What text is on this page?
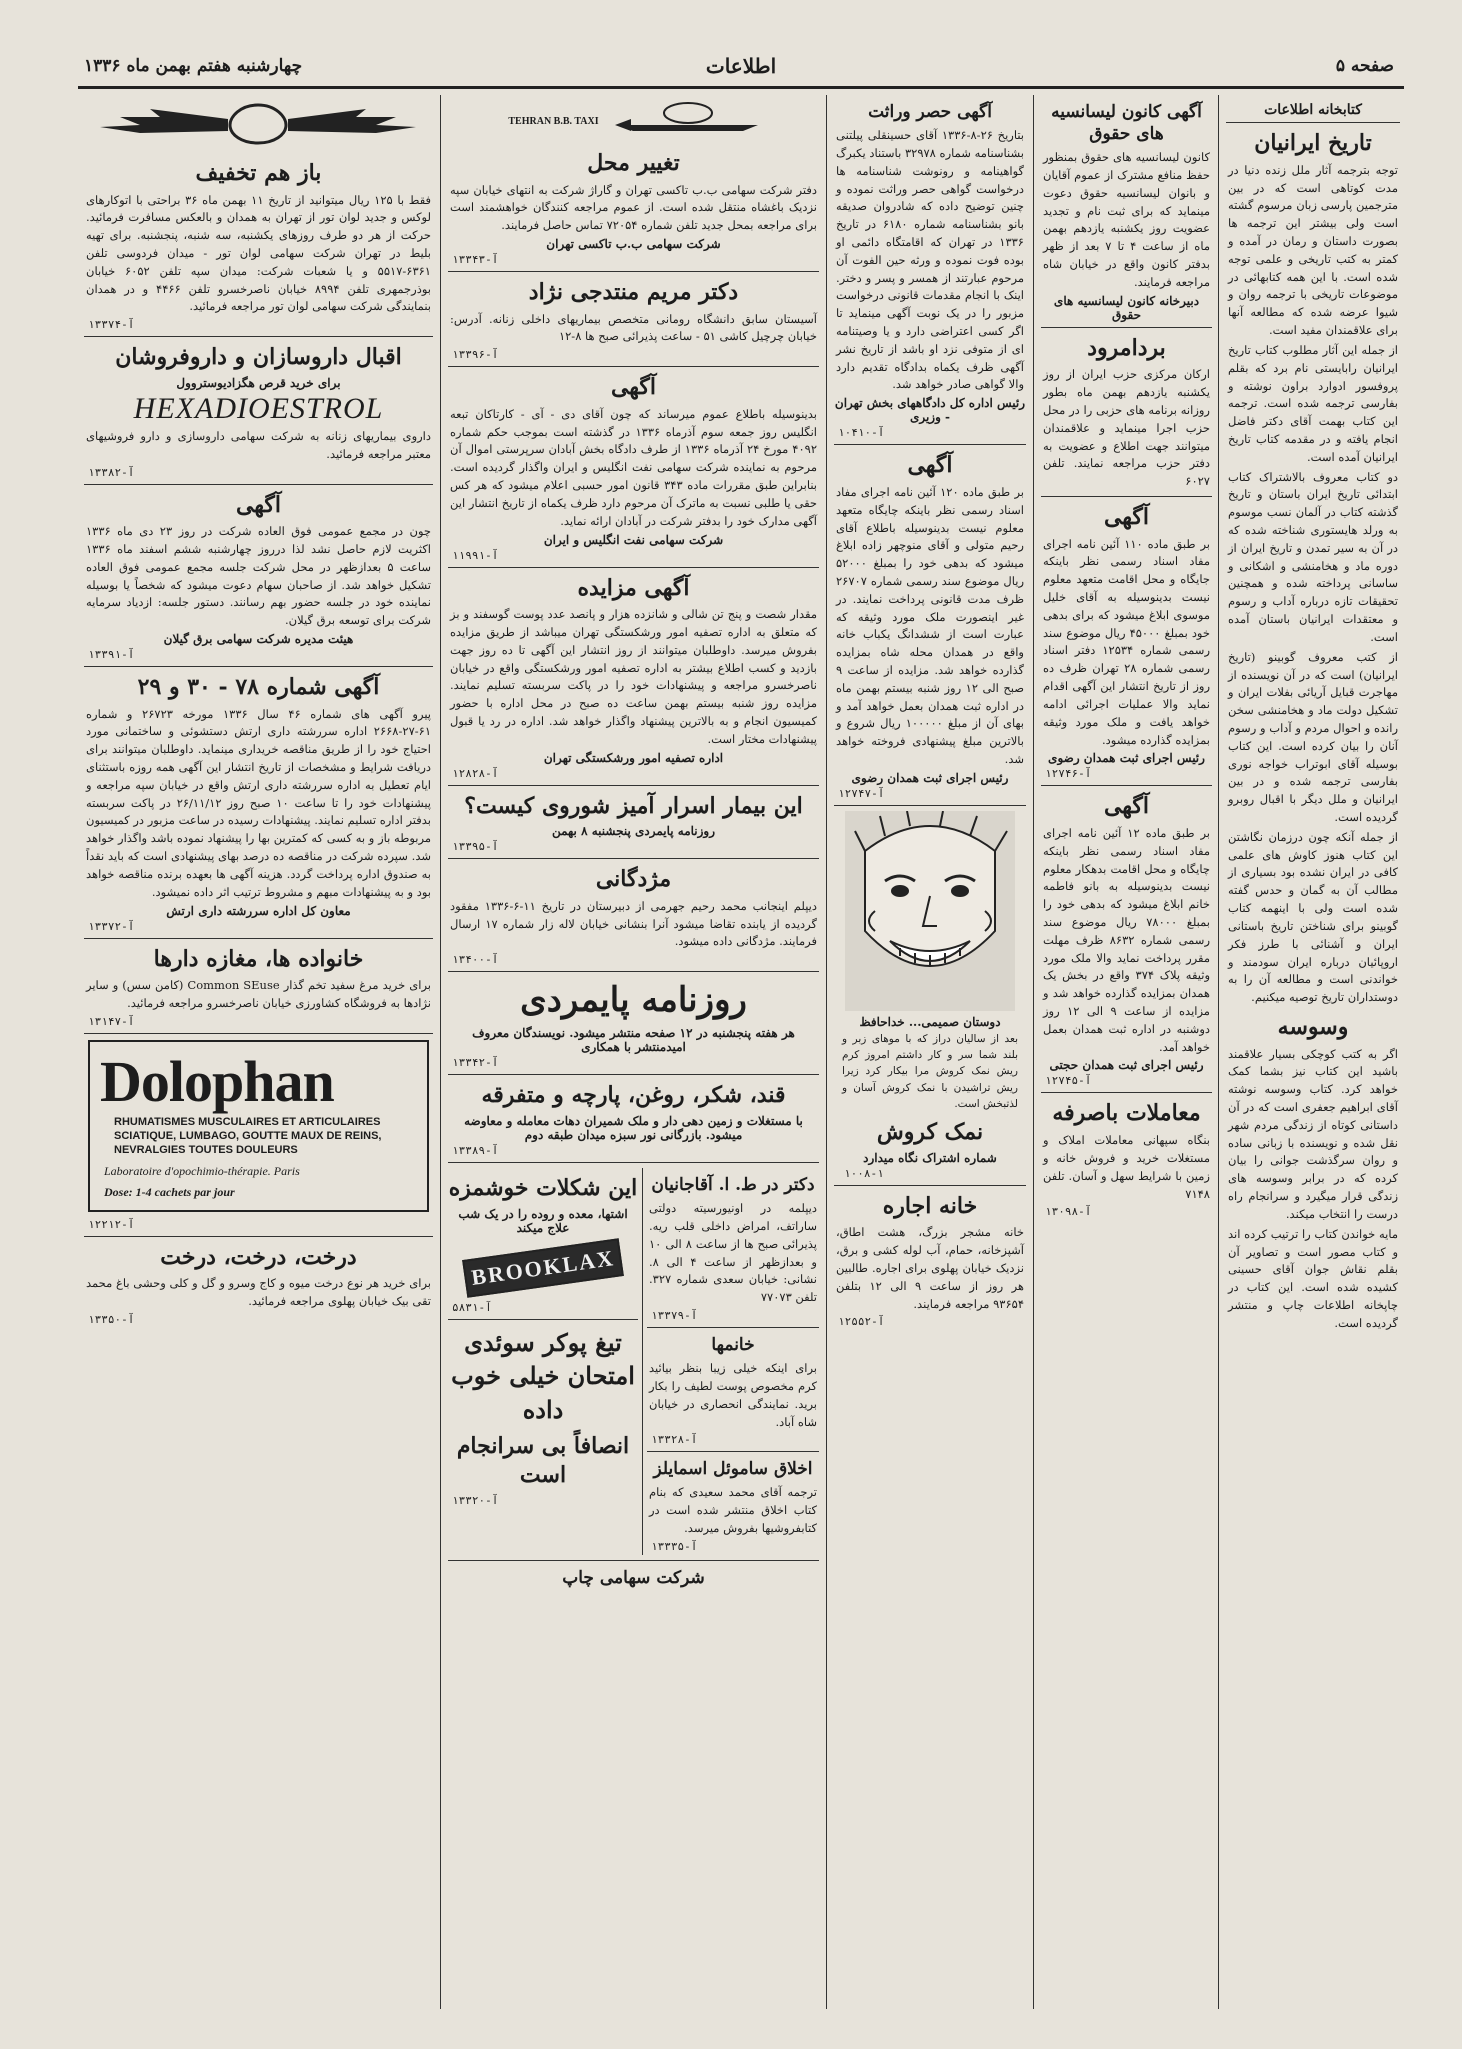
صفحه ۵
اطلاعات
چهارشنبه هفتم بهمن ماه ۱۳۳۶
کتابخانه اطلاعات
تاریخ ایرانیان
توجه بترجمه آثار ملل زنده دنیا در مدت کوتاهی است که در بین مترجمین پارسی زبان مرسوم گشته است ولی بیشتر این ترجمه ها بصورت داستان و رمان در آمده و کمتر به کتب تاریخی و علمی توجه شده است. با این همه کتابهائی در موضوعات تاریخی با ترجمه روان و شیوا عرضه شده که مطالعه آنها برای علاقمندان مفید است.
از جمله این آثار مطلوب کتاب تاریخ ایرانیان رابایستی نام برد که بقلم پروفسور ادوارد براون نوشته و بفارسی ترجمه شده است. ترجمه این کتاب بهمت آقای دکتر فاضل انجام یافته و در مقدمه کتاب تاریخ ایرانیان آمده است.
دو کتاب معروف بالاشتراک کتاب ابتدائی تاریخ ایران باستان و تاریخ گذشته کتاب در آلمان نسب موسوم به ورلد هایستوری شناخته شده که در آن به سیر تمدن و تاریخ ایران از دوره ماد و هخامنشی و اشکانی و ساسانی پرداخته شده و همچنین تحقیقات تازه درباره آداب و رسوم و معتقدات ایرانیان باستان آمده است.
از کتب معروف گوبینو (تاریخ ایرانیان) است که در آن نویسنده از مهاجرت قبایل آریائی بفلات ایران و تشکیل دولت ماد و هخامنشی سخن رانده و احوال مردم و آداب و رسوم آنان را بیان کرده است. این کتاب بوسیله آقای ابوتراب خواجه نوری بفارسی ترجمه شده و در بین ایرانیان و ملل دیگر با اقبال روبرو گردیده است.
از جمله آنکه چون درزمان نگاشتن این کتاب هنوز کاوش های علمی کافی در ایران نشده بود بسیاری از مطالب آن به گمان و حدس گفته شده است ولی با اینهمه کتاب گوبینو برای شناختن تاریخ باستانی ایران و آشنائی با طرز فکر اروپائیان درباره ایران سودمند و خواندنی است و مطالعه آن را به دوستداران تاریخ توصیه میکنیم.
وسوسه
اگر به کتب کوچکی بسیار علاقمند باشید این کتاب نیز بشما کمک خواهد کرد. کتاب وسوسه نوشته آقای ابراهیم جعفری است که در آن داستانی کوتاه از زندگی مردم شهر نقل شده و نویسنده با زبانی ساده و روان سرگذشت جوانی را بیان کرده که در برابر وسوسه های زندگی قرار میگیرد و سرانجام راه درست را انتخاب میکند.
مایه خواندن کتاب را ترتیب کرده اند و کتاب مصور است و تصاویر آن بقلم نقاش جوان آقای حسینی کشیده شده است. این کتاب در چاپخانه اطلاعات چاپ و منتشر گردیده است.
آگهی کانون لیسانسیه های حقوق
کانون لیسانسیه های حقوق بمنظور حفظ منافع مشترک از عموم آقایان و بانوان لیسانسیه حقوق دعوت مینماید که برای ثبت نام و تجدید عضویت روز یکشنبه یازدهم بهمن ماه از ساعت ۴ تا ۷ بعد از ظهر بدفتر کانون واقع در خیابان شاه مراجعه فرمایند.
دبیرخانه کانون لیسانسیه های حقوق
بردامرود
ارکان مرکزی حزب ایران از روز یکشنبه یازدهم بهمن ماه بطور روزانه برنامه های حزبی را در محل حزب اجرا مینماید و علاقمندان میتوانند جهت اطلاع و عضویت به دفتر حزب مراجعه نمایند. تلفن ۶۰۲۷
آگهی
بر طبق ماده ۱۱۰ آئین نامه اجرای مفاد اسناد رسمی نظر باینکه جایگاه و محل اقامت متعهد معلوم نیست بدینوسیله به آقای خلیل موسوی ابلاغ میشود که برای بدهی خود بمبلغ ۴۵۰۰۰ ریال موضوع سند رسمی شماره ۱۲۵۳۴ دفتر اسناد رسمی شماره ۲۸ تهران ظرف ده روز از تاریخ انتشار این آگهی اقدام نماید والا عملیات اجرائی ادامه خواهد یافت و ملک مورد وثیقه بمزایده گذارده میشود.
رئیس اجرای ثبت همدان رضوی
آ-۱۲۷۴۶
آگهی
بر طبق ماده ۱۲ آئین نامه اجرای مفاد اسناد رسمی نظر باینکه چایگاه و محل اقامت بدهکار معلوم نیست بدینوسیله به بانو فاطمه خانم ابلاغ میشود که بدهی خود را بمبلغ ۷۸۰۰۰ ریال موضوع سند رسمی شماره ۸۶۳۲ ظرف مهلت مقرر پرداخت نماید والا ملک مورد وثیقه پلاک ۳۷۴ واقع در بخش یک همدان بمزایده گذارده خواهد شد و مزایده از ساعت ۹ الی ۱۲ روز دوشنبه در اداره ثبت همدان بعمل خواهد آمد.
رئیس اجرای ثبت همدان حجتی
آ-۱۲۷۴۵
معاملات باصرفه
بنگاه سپهانی معاملات املاک و مستغلات خرید و فروش خانه و زمین با شرایط سهل و آسان. تلفن ۷۱۴۸
آ-۱۳۰۹۸
آگهی حصر وراثت
بتاریخ ۲۶-۸-۱۳۳۶ آقای حسینقلی پیلتنی بشناسنامه شماره ۳۲۹۷۸ باستناد یکبرگ گواهینامه و رونوشت شناسنامه ها درخواست گواهی حصر وراثت نموده و چنین توضیح داده که شادروان صدیقه بانو بشناسنامه شماره ۶۱۸۰ در تاریخ ۱۳۳۶ در تهران که اقامتگاه دائمی او بوده فوت نموده و ورثه حین الفوت آن مرحوم عبارتند از همسر و پسر و دختر. اینک با انجام مقدمات قانونی درخواست مزبور را در یک نوبت آگهی مینماید تا اگر کسی اعتراضی دارد و یا وصیتنامه ای از متوفی نزد او باشد از تاریخ نشر آگهی ظرف یکماه بدادگاه تقدیم دارد والا گواهی صادر خواهد شد.
رئیس اداره کل دادگاههای بخش تهران - وزیری
آ-۱۰۴۱۰
آگهی
بر طبق ماده ۱۲۰ آئین نامه اجرای مفاد اسناد رسمی نظر باینکه چایگاه متعهد معلوم نیست بدینوسیله باطلاع آقای رحیم متولی و آقای منوچهر زاده ابلاغ میشود که بدهی خود را بمبلغ ۵۲۰۰۰ ریال موضوع سند رسمی شماره ۲۶۷۰۷ ظرف مدت قانونی پرداخت نمایند. در غیر اینصورت ملک مورد وثیقه که عبارت است از ششدانگ یکباب خانه واقع در همدان محله شاه بمزایده گذارده خواهد شد. مزایده از ساعت ۹ صبح الی ۱۲ روز شنبه بیستم بهمن ماه در اداره ثبت همدان بعمل خواهد آمد و بهای آن از مبلغ ۱۰۰۰۰۰ ریال شروع و بالاترین مبلغ پیشنهادی فروخته خواهد شد.
رئیس اجرای ثبت همدان رضوی
آ-۱۲۷۴۷
دوستان صمیمی... خداحافظ
بعد از سالیان دراز که با موهای زبر و بلند شما سر و کار داشتم امروز کرم ریش نمک کروش مرا بیکار کرد زیرا ریش تراشیدن با نمک کروش آسان و لذتبخش است.
نمک کروش
شماره اشتراک نگاه میدارد
۱۰۰۸-۱
خانه اجاره
خانه مشجر بزرگ، هشت اطاق، آشپزخانه، حمام، آب لوله کشی و برق، نزدیک خیابان پهلوی برای اجاره. طالبین هر روز از ساعت ۹ الی ۱۲ بتلفن ۹۳۶۵۴ مراجعه فرمایند.
آ-۱۲۵۵۲
TEHRAN B.B. TAXI
تغییر محل
دفتر شرکت سهامی ب.ب تاکسی تهران و گاراژ شرکت به انتهای خیابان سپه نزدیک باغشاه منتقل شده است. از عموم مراجعه کنندگان خواهشمند است برای مراجعه بمحل جدید تلفن شماره ۷۲۰۵۴ تماس حاصل فرمایند.
شرکت سهامی ب.ب تاکسی تهران
آ-۱۳۳۴۳
دکتر مریم منتدجی نژاد
آسیستان سابق دانشگاه رومانی متخصص بیماریهای داخلی زنانه. آدرس: خیابان چرچیل کاشی ۵۱ - ساعت پذیرائی صبح ها ۸-۱۲
آ-۱۳۳۹۶
آگهی
بدینوسیله باطلاع عموم میرساند که چون آقای دی - آی - کارتاکان تبعه انگلیس روز جمعه سوم آذرماه ۱۳۳۶ در گذشته است بموجب حکم شماره ۴۰۹۲ مورخ ۲۴ آذرماه ۱۳۳۶ از طرف دادگاه بخش آبادان سرپرستی اموال آن مرحوم به نماینده شرکت سهامی نفت انگلیس و ایران واگذار گردیده است. بنابراین طبق مقررات ماده ۳۴۳ قانون امور حسبی اعلام میشود که هر کس حقی یا طلبی نسبت به ماترک آن مرحوم دارد ظرف یکماه از تاریخ انتشار این آگهی مدارک خود را بدفتر شرکت در آبادان ارائه نماید.
شرکت سهامی نفت انگلیس و ایران
آ-۱۱۹۹۱
آگهی مزایده
مقدار شصت و پنج تن شالی و شانزده هزار و پانصد عدد پوست گوسفند و بز که متعلق به اداره تصفیه امور ورشکستگی تهران میباشد از طریق مزایده بفروش میرسد. داوطلبان میتوانند از روز انتشار این آگهی تا ده روز جهت بازدید و کسب اطلاع بیشتر به اداره تصفیه امور ورشکستگی واقع در خیابان ناصرخسرو مراجعه و پیشنهادات خود را در پاکت سربسته تسلیم نمایند. مزایده روز شنبه بیستم بهمن ساعت ده صبح در محل اداره با حضور کمیسیون انجام و به بالاترین پیشنهاد واگذار خواهد شد. اداره در رد یا قبول پیشنهادات مختار است.
اداره تصفیه امور ورشکستگی تهران
آ-۱۲۸۲۸
این بیمار اسرار آمیز شوروی کیست؟
روزنامه پایمردی پنجشنبه ۸ بهمن
آ-۱۳۳۹۵
مژدگانی
دیپلم اینجانب محمد رحیم جهرمی از دبیرستان در تاریخ ۱۱-۶-۱۳۳۶ مفقود گردیده از یابنده تقاضا میشود آنرا بنشانی خیابان لاله زار شماره ۱۷ ارسال فرمایند. مژدگانی داده میشود.
آ-۱۳۴۰۰
روزنامه پایمردی
هر هفته پنجشنبه در ۱۲ صفحه منتشر میشود. نویسندگان معروف امیدمنتشر با همکاری
آ-۱۳۳۴۲
قند، شکر، روغن، پارچه و متفرقه
با مستغلات و زمین دهی دار و ملک شمیران دهات معامله و معاوضه میشود. بازرگانی نور سبزه میدان طبقه دوم
آ-۱۳۳۸۹
دکتر در ط. ا. آقاجانیان
دیپلمه در اونیورسیته دولتی ساراتف، امراض داخلی قلب ریه. پذیرائی صبح ها از ساعت ۸ الی ۱۰ و بعدازظهر از ساعت ۴ الی ۸. نشانی: خیابان سعدی شماره ۳۲۷. تلفن ۷۷۰۷۳
آ-۱۳۳۷۹
خانمها
برای اینکه خیلی زیبا بنظر بیائید کرم مخصوص پوست لطیف را بکار برید. نمایندگی انحصاری در خیابان شاه آباد.
آ-۱۳۳۲۸
اخلاق ساموئل اسمایلز
ترجمه آقای محمد سعیدی که بنام کتاب اخلاق منتشر شده است در کتابفروشیها بفروش میرسد.
آ-۱۳۳۳۵
این شکلات خوشمزه
اشتها، معده و روده را در یک شب علاج میکند
BROOKLAX
آ-۵۸۳۱
تیغ پوکر سوئدی امتحان خیلی خوب داده
انصافاً بی سرانجام است
آ-۱۳۳۲۰
شرکت سهامی چاپ
باز هم تخفیف
فقط با ۱۲۵ ریال میتوانید از تاریخ ۱۱ بهمن ماه ۳۶ براحتی با اتوکارهای لوکس و جدید لوان تور از تهران به همدان و بالعکس مسافرت فرمائید. حرکت از هر دو طرف روزهای یکشنبه، سه شنبه، پنجشنبه. برای تهیه بلیط در تهران شرکت سهامی لوان تور - میدان فردوسی تلفن ۶۳۶۱-۵۵۱۷ و یا شعبات شرکت: میدان سپه تلفن ۶۰۵۲ خیابان بوذرجمهری تلفن ۸۹۹۴ خیابان ناصرخسرو تلفن ۴۴۶۶ و در همدان بنمایندگی شرکت سهامی لوان تور مراجعه فرمائید.
آ-۱۳۳۷۴
اقبال داروسازان و داروفروشان
برای خرید قرص هگزادیوستروول
HEXADIOESTROL
داروی بیماریهای زنانه به شرکت سهامی داروسازی و دارو فروشیهای معتبر مراجعه فرمائید.
آ-۱۳۳۸۲
آگهی
چون در مجمع عمومی فوق العاده شرکت در روز ۲۳ دی ماه ۱۳۳۶ اکثریت لازم حاصل نشد لذا درروز چهارشنبه ششم اسفند ماه ۱۳۳۶ ساعت ۵ بعدازظهر در محل شرکت جلسه مجمع عمومی فوق العاده تشکیل خواهد شد. از صاحبان سهام دعوت میشود که شخصاً یا بوسیله نماینده خود در جلسه حضور بهم رسانند. دستور جلسه: ازدیاد سرمایه شرکت برای توسعه برق گیلان.
هیئت مدیره شرکت سهامی برق گیلان
آ-۱۳۳۹۱
آگهی شماره ۷۸ - ۳۰ و ۲۹
پیرو آگهی های شماره ۴۶ سال ۱۳۳۶ مورخه ۲۶۷۲۳ و شماره ۶۱-۲۷-۲۶۶۸ اداره سررشته داری ارتش دستشوئی و ساختمانی مورد احتیاج خود را از طریق مناقصه خریداری مینماید. داوطلبان میتوانند برای دریافت شرایط و مشخصات از تاریخ انتشار این آگهی همه روزه باستثنای ایام تعطیل به اداره سررشته داری ارتش واقع در خیابان سپه مراجعه و پیشنهادات خود را تا ساعت ۱۰ صبح روز ۲۶/۱۱/۱۲ در پاکت سربسته بدفتر اداره تسلیم نمایند. پیشنهادات رسیده در ساعت مزبور در کمیسیون مربوطه باز و به کسی که کمترین بها را پیشنهاد نموده باشد واگذار خواهد شد. سپرده شرکت در مناقصه ده درصد بهای پیشنهادی است که باید نقداً به صندوق اداره پرداخت گردد. هزینه آگهی ها بعهده برنده مناقصه خواهد بود و به پیشنهادات مبهم و مشروط ترتیب اثر داده نمیشود.
معاون کل اداره سررشته داری ارتش
آ-۱۳۳۷۲
خانواده ها، مغازه دارها
برای خرید مرغ سفید تخم گذار Common SEuse (کامن سس) و سایر نژادها به فروشگاه کشاورزی خیابان ناصرخسرو مراجعه فرمائید.
آ-۱۳۱۴۷
Dolophan
RHUMATISMES MUSCULAIRES ET ARTICULAIRES SCIATIQUE, LUMBAGO, GOUTTE MAUX DE REINS, NEVRALGIES TOUTES DOULEURS
Laboratoire d'opochimio-thérapie. Paris
Dose: 1-4 cachets par jour
آ-۱۲۲۱۲
درخت، درخت، درخت
برای خرید هر نوع درخت میوه و کاج وسرو و گل و کلی وحشی باغ محمد تقی بیک خیابان پهلوی مراجعه فرمائید.
آ-۱۳۳۵۰
